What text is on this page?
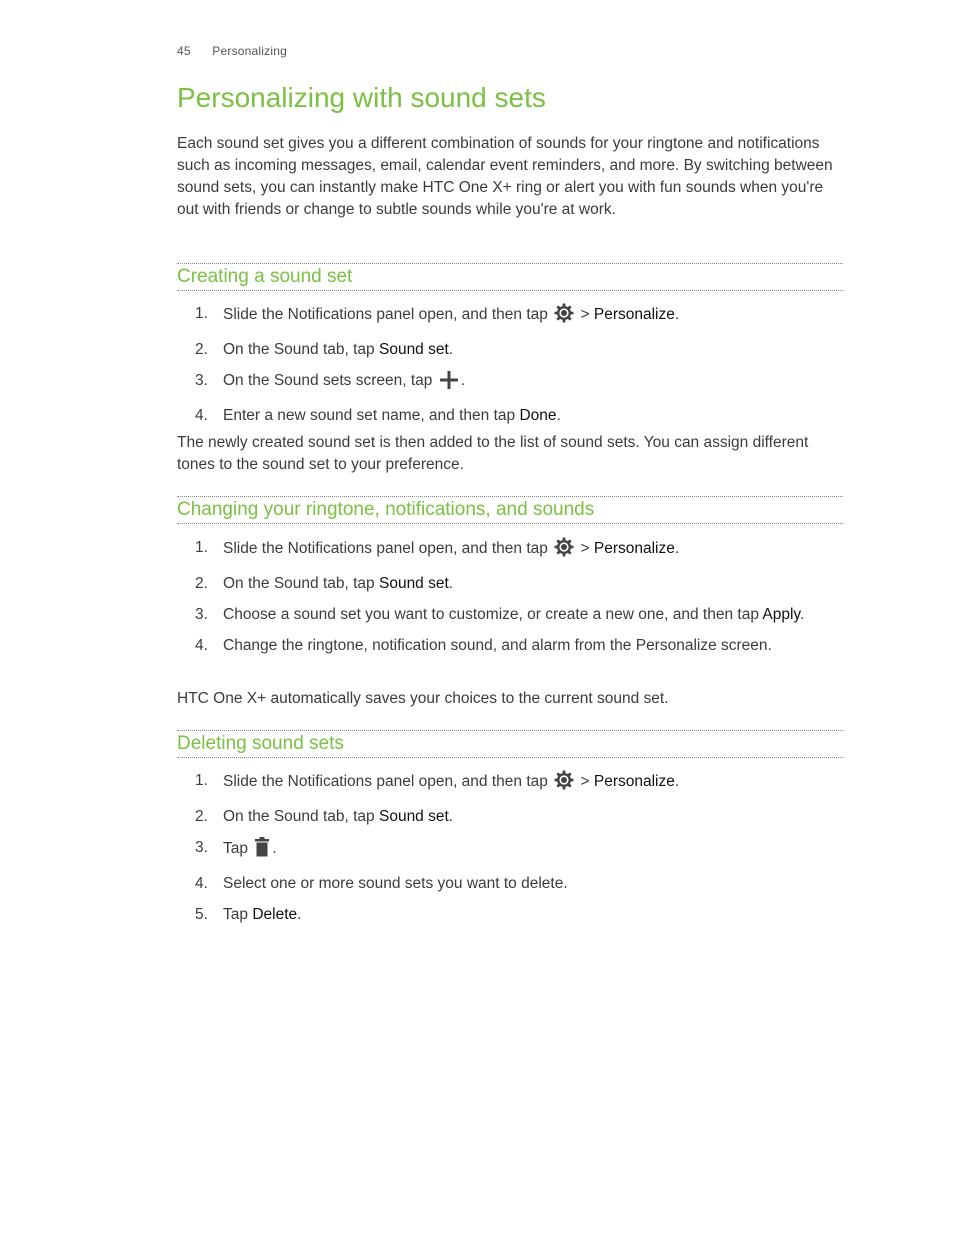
45 Personalizing
Personalizing with sound sets

Each sound set gives you a different combination of sounds for your ringtone and notifications such as incoming messages, email, calendar event reminders, and more. By switching between sound sets, you can instantly make HTC One X+ ring or alert you with fun sounds when you're out with friends or change to subtle sounds while you're at work.

Creating a sound set
1. Slide the Notifications panel open, and then tap > Personalize.
2. On the Sound tab, tap Sound set.
3. On the Sound sets screen, tap .
4. Enter a new sound set name, and then tap Done.

The newly created sound set is then added to the list of sound sets. You can assign different tones to the sound set to your preference.

Changing your ringtone, notifications, and sounds
1. Slide the Notifications panel open, and then tap > Personalize.
2. On the Sound tab, tap Sound set.
3. Choose a sound set you want to customize, or create a new one, and then tap Apply.
4. Change the ringtone, notification sound, and alarm from the Personalize screen.

HTC One X+ automatically saves your choices to the current sound set.

Deleting sound sets
1. Slide the Notifications panel open, and then tap > Personalize.
2. On the Sound tab, tap Sound set.
3. Tap .
4. Select one or more sound sets you want to delete.
5. Tap Delete.
